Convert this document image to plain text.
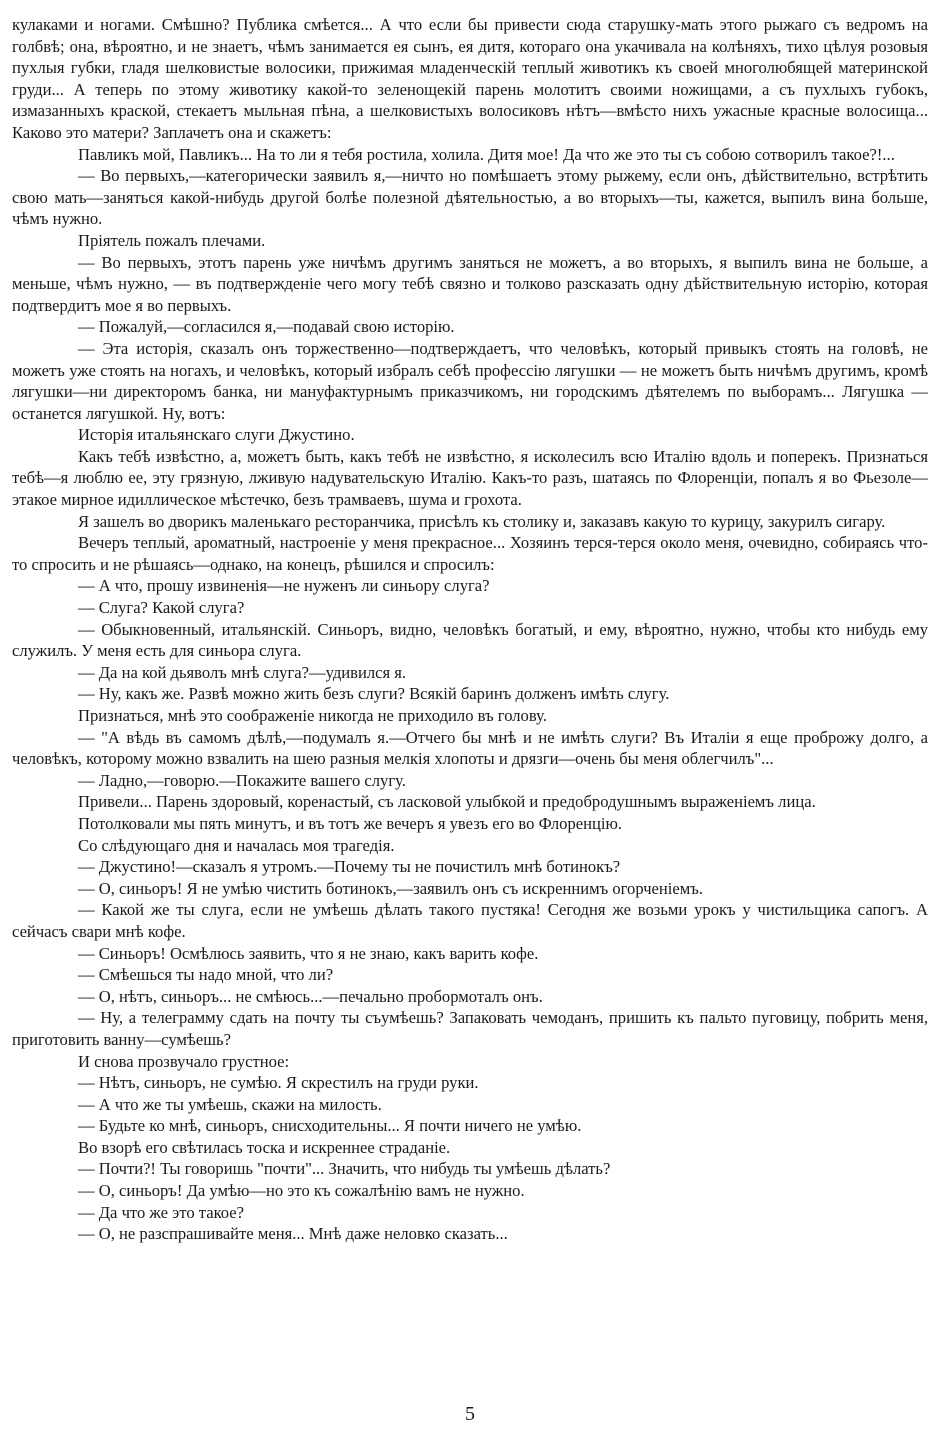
кулаками и ногами. Смѣшно? Публика смѣется... А что если бы привести сюда старушку-мать этого рыжаго съ ведромъ на голбвѣ; она, вѣроятно, и не знаетъ, чѣмъ занимается ея сынъ, ея дитя, котораго она укачивала на колѣняхъ, тихо цѣлуя розовыя пухлыя губки, гладя шелковистые волосики, прижимая младенческій теплый животикъ къ своей многолюбящей материнской груди... А теперь по этому животику какой-то зеленощекій парень молотитъ своими ножищами, а съ пухлыхъ губокъ, измазанныхъ краской, стекаетъ мыльная пѣна, а шелковистыхъ волосиковъ нѣтъ—вмѣсто нихъ ужасные красные волосища... Каково это матери? Заплачетъ она и скажетъ:

Павликъ мой, Павликъ... На то ли я тебя ростила, холила. Дитя мое! Да что же это ты съ собою сотворилъ такое?!...

— Во первыхъ,—категорически заявилъ я,—ничто но помѣшаетъ этому рыжему, если онъ, дѣйствительно, встрѣтить свою мать—заняться какой-нибудь другой болѣе полезной дѣятельностью, а во вторыхъ—ты, кажется, выпилъ вина больше, чѣмъ нужно.

Пріятель пожалъ плечами.

— Во первыхъ, этотъ парень уже ничѣмъ другимъ заняться не можетъ, а во вторыхъ, я выпилъ вина не больше, а меньше, чѣмъ нужно, — въ подтвержденіе чего могу тебѣ связно и толково разсказать одну дѣйствительную исторію, которая подтвердитъ мое я во первыхъ.

— Пожалуй,—согласился я,—подавай свою исторію.

— Эта исторія, сказалъ онъ торжественно—подтверждаетъ, что человѣкъ, который привыкъ стоять на головѣ, не можетъ уже стоять на ногахъ, и человѣкъ, который избралъ себѣ профессію лягушки — не можетъ быть ничѣмъ другимъ, кромѣ лягушки—ни директоромъ банка, ни мануфактурнымъ приказчикомъ, ни городскимъ дѣятелемъ по выборамъ... Лягушка — останется лягушкой. Ну, вотъ:

Исторія итальянскаго слуги Джустино.

Какъ тебѣ извѣстно, а, можетъ быть, какъ тебѣ не извѣстно, я исколесилъ всю Италію вдоль и поперекъ. Признаться тебѣ—я люблю ее, эту грязную, лживую надувательскую Италію. Какъ-то разъ, шатаясь по Флоренціи, попалъ я во Фьезоле—этакое мирное идиллическое мѣстечко, безъ трамваевъ, шума и грохота.

Я зашелъ во дворикъ маленькаго ресторанчика, присѣлъ къ столику и, заказавъ какую то курицу, закурилъ сигару.

Вечеръ теплый, ароматный, настроеніе у меня прекрасное... Хозяинъ терся-терся около меня, очевидно, собираясь что-то спросить и не рѣшаясь—однако, на конецъ, рѣшился и спросилъ:

— А что, прошу извиненія—не нуженъ ли синьору слуга?

— Слуга? Какой слуга?

— Обыкновенный, итальянскій. Синьоръ, видно, человѣкъ богатый, и ему, вѣроятно, нужно, чтобы кто нибудь ему служилъ. У меня есть для синьора слуга.

— Да на кой дьяволъ мнѣ слуга?—удивился я.

— Ну, какъ же. Развѣ можно жить безъ слуги? Всякій баринъ долженъ имѣть слугу.

Признаться, мнѣ это соображеніе никогда не приходило въ голову.

— "А вѣдь въ самомъ дѣлѣ,—подумалъ я.—Отчего бы мнѣ и не имѣть слуги? Въ Италіи я еще проброжу долго, а человѣкъ, которому можно взвалить на шею разныя мелкія хлопоты и дрязги—очень бы меня облегчилъ"...

— Ладно,—говорю.—Покажите вашего слугу.

Привели... Парень здоровый, коренастый, съ ласковой улыбкой и предобродушнымъ выраженіемъ лица.

Потолковали мы пять минутъ, и въ тотъ же вечеръ я увезъ его во Флоренцію.

Со слѣдующаго дня и началась моя трагедія.

— Джустино!—сказалъ я утромъ.—Почему ты не почистилъ мнѣ ботинокъ?

— О, синьоръ! Я не умѣю чистить ботинокъ,—заявилъ онъ съ искреннимъ огорченіемъ.

— Какой же ты слуга, если не умѣешь дѣлать такого пустяка! Сегодня же возьми урокъ у чистильщика сапогъ. А сейчасъ свари мнѣ кофе.

— Синьоръ! Осмѣлюсь заявить, что я не знаю, какъ варить кофе.

— Смѣешься ты надо мной, что ли?

— О, нѣтъ, синьоръ... не смѣюсь...—печально пробормоталъ онъ.

— Ну, а телеграмму сдать на почту ты съумѣешь? Запаковать чемоданъ, пришить къ пальто пуговицу, побрить меня, приготовить ванну—сумѣешь?

И снова прозвучало грустное:

— Нѣтъ, синьоръ, не сумѣю. Я скрестилъ на груди руки.

— А что же ты умѣешь, скажи на милость.

— Будьте ко мнѣ, синьоръ, снисходительны... Я почти ничего не умѣю.

Во взорѣ его свѣтилась тоска и искреннее страданіе.

— Почти?! Ты говоришь "почти"... Значить, что нибудь ты умѣешь дѣлать?

— О, синьоръ! Да умѣю—но это къ сожалѣнію вамъ не нужно.

— Да что же это такое?

— О, не разспрашивайте меня... Мнѣ даже неловко сказать...

5
